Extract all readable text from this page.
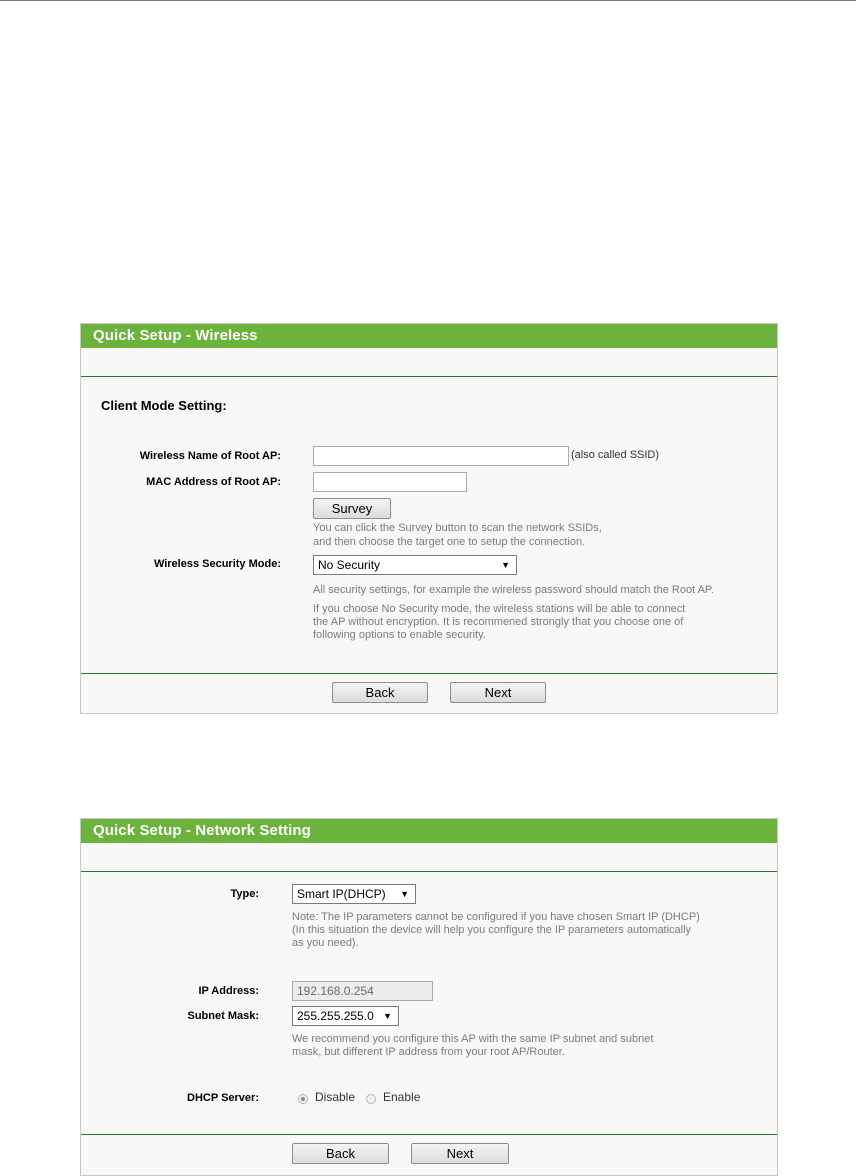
Quick Setup - Wireless
Client Mode Setting:
Wireless Name of Root AP:	(also called SSID)
MAC Address of Root AP:
Survey
You can click the Survey button to scan the network SSIDs,
and then choose the target one to setup the connection.
Wireless Security Mode:	No Security	▼
All security settings, for example the wireless password should match the Root AP.
If you choose No Security mode, the wireless stations will be able to connect
the AP without encryption. It is recommened strongly that you choose one of
following options to enable security.
Back	Next
Quick Setup - Network Setting
Type:	Smart IP(DHCP) ▼
Note: The IP parameters cannot be configured if you have chosen Smart IP (DHCP)
(In this situation the device will help you configure the IP parameters automatically
as you need).
IP Address:
192.168.0.254
Subnet Mask:	255.255.255.0 ▼
We recommend you configure this AP with the same IP subnet and subnet
mask, but different IP address from your root AP/Router.
DHCP Server:	Disable Enable
Back	Next
